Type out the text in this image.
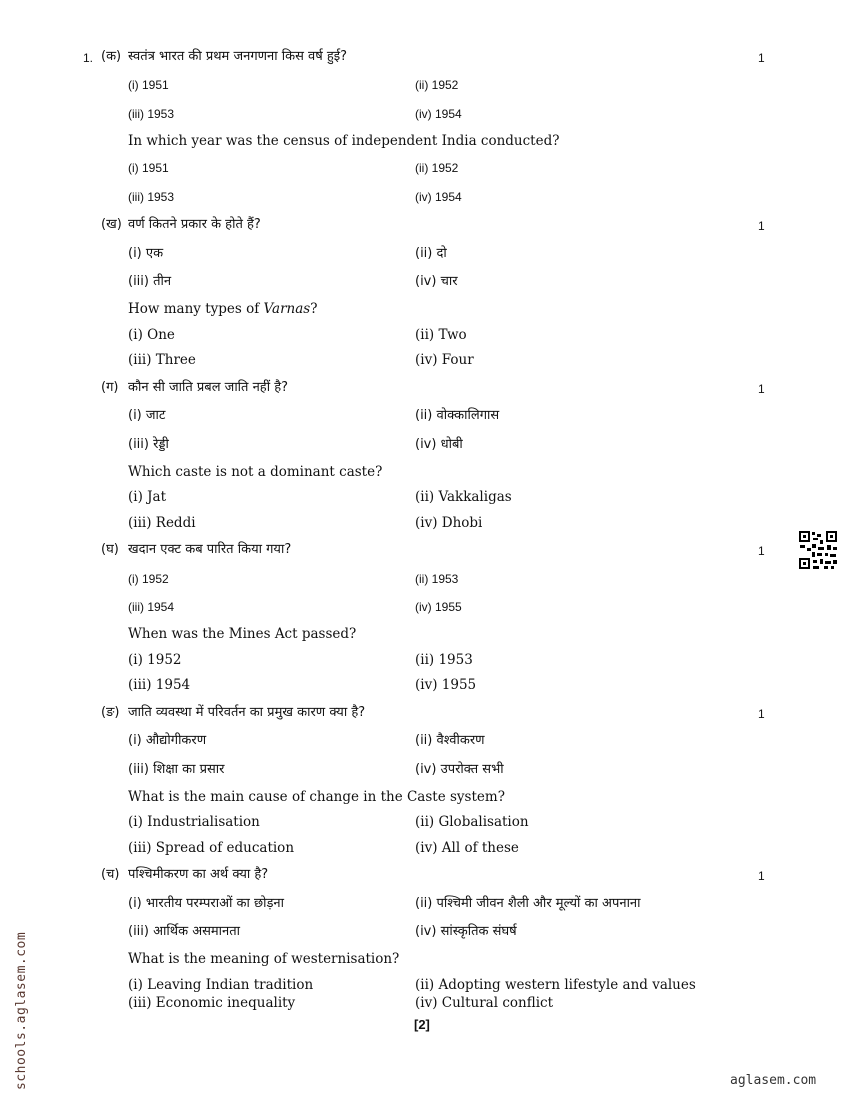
1. (क) स्वतंत्र भारत की प्रथम जनगणना किस वर्ष हुई?	1
(i) 1951	(ii) 1952
(iii) 1953	(iv) 1954
In which year was the census of independent India conducted?
(i) 1951	(ii) 1952
(iii) 1953	(iv) 1954
(ख) वर्ण कितने प्रकार के होते हैं?	1
(i) एक	(ii) दो
(iii) तीन	(iv) चार
How many types of Varnas?
(i) One	(ii) Two
(iii) Three	(iv) Four
(ग) कौन सी जाति प्रबल जाति नहीं है?	1
(i) जाट	(ii) वोक्कालिगास
(iii) रेड्डी	(iv) धोबी
Which caste is not a dominant caste?
(i) Jat	(ii) Vakkaligas
(iii) Reddi	(iv) Dhobi
(घ) खदान एक्ट कब पारित किया गया?	1
(i) 1952	(ii) 1953
(iii) 1954	(iv) 1955
When was the Mines Act passed?
(i) 1952	(ii) 1953
(iii) 1954	(iv) 1955
(ङ) जाति व्यवस्था में परिवर्तन का प्रमुख कारण क्या है?	1
(i) औद्योगीकरण	(ii) वैश्वीकरण
(iii) शिक्षा का प्रसार	(iv) उपरोक्त सभी
What is the main cause of change in the Caste system?
(i) Industrialisation	(ii) Globalisation
(iii) Spread of education	(iv) All of these
(च) पश्चिमीकरण का अर्थ क्या है?	1
(i) भारतीय परम्पराओं का छोड़ना	(ii) पश्चिमी जीवन शैली और मूल्यों का अपनाना
(iii) आर्थिक असमानता	(iv) सांस्कृतिक संघर्ष
What is the meaning of westernisation?
(i) Leaving Indian tradition	(ii) Adopting western lifestyle and values
(iii) Economic inequality	(iv) Cultural conflict
[2]
schools.aglasem.com	aglasem.com
